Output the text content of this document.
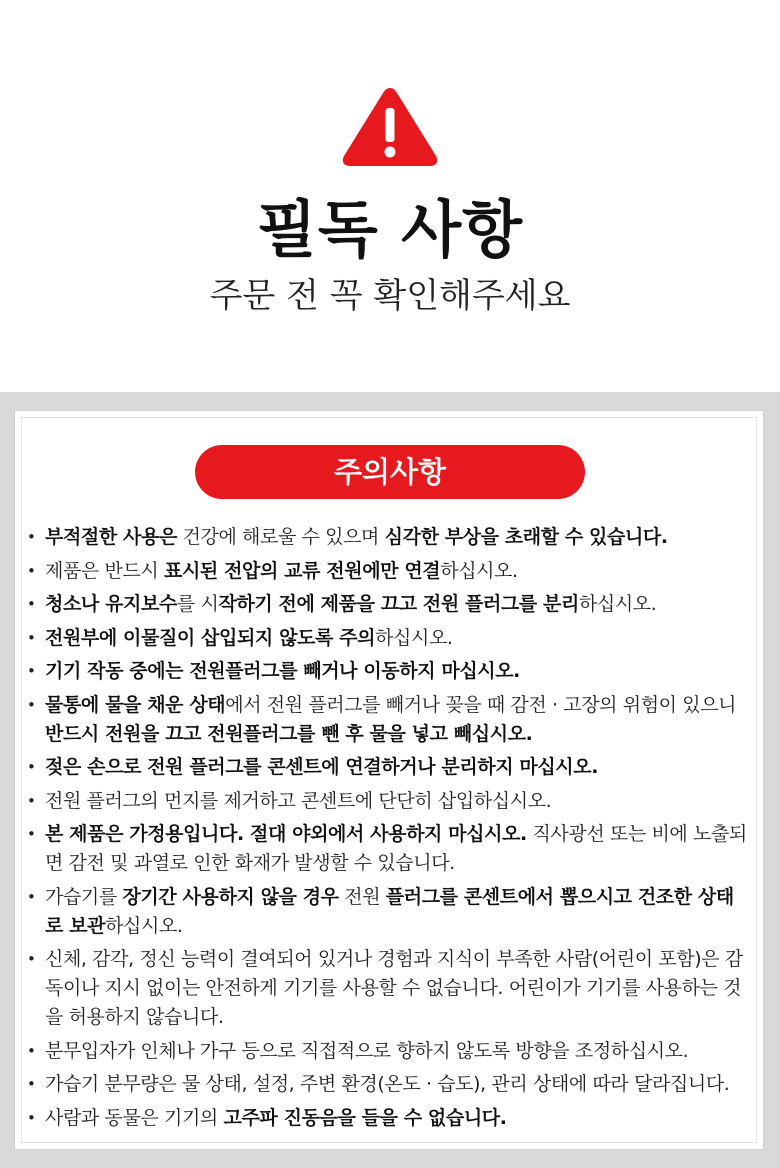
필독 사항
주문 전 꼭 확인해주세요
주의사항
• 부적절한 사용은 건강에 해로울 수 있으며 심각한 부상을 초래할 수 있습니다.
• 제품은 반드시 표시된 전압의 교류 전원에만 연결하십시오.
• 청소나 유지보수를 시작하기 전에 제품을 끄고 전원 플러그를 분리하십시오.
• 전원부에 이물질이 삽입되지 않도록 주의하십시오.
• 기기 작동 중에는 전원플러그를 빼거나 이동하지 마십시오.
• 물통에 물을 채운 상태에서 전원 플러그를 빼거나 꽂을 때 감전 · 고장의 위험이 있으니 반드시 전원을 끄고 전원플러그를 뺀 후 물을 넣고 빼십시오.
• 젖은 손으로 전원 플러그를 콘센트에 연결하거나 분리하지 마십시오.
• 전원 플러그의 먼지를 제거하고 콘센트에 단단히 삽입하십시오.
• 본 제품은 가정용입니다. 절대 야외에서 사용하지 마십시오. 직사광선 또는 비에 노출되면 감전 및 과열로 인한 화재가 발생할 수 있습니다.
• 가습기를 장기간 사용하지 않을 경우 전원 플러그를 콘센트에서 뽑으시고 건조한 상태로 보관하십시오.
• 신체, 감각, 정신 능력이 결여되어 있거나 경험과 지식이 부족한 사람(어린이 포함)은 감독이나 지시 없이는 안전하게 기기를 사용할 수 없습니다. 어린이가 기기를 사용하는 것을 허용하지 않습니다.
• 분무입자가 인체나 가구 등으로 직접적으로 향하지 않도록 방향을 조정하십시오.
• 가습기 분무량은 물 상태, 설정, 주변 환경(온도 · 습도), 관리 상태에 따라 달라집니다.
• 사람과 동물은 기기의 고주파 진동음을 들을 수 없습니다.
